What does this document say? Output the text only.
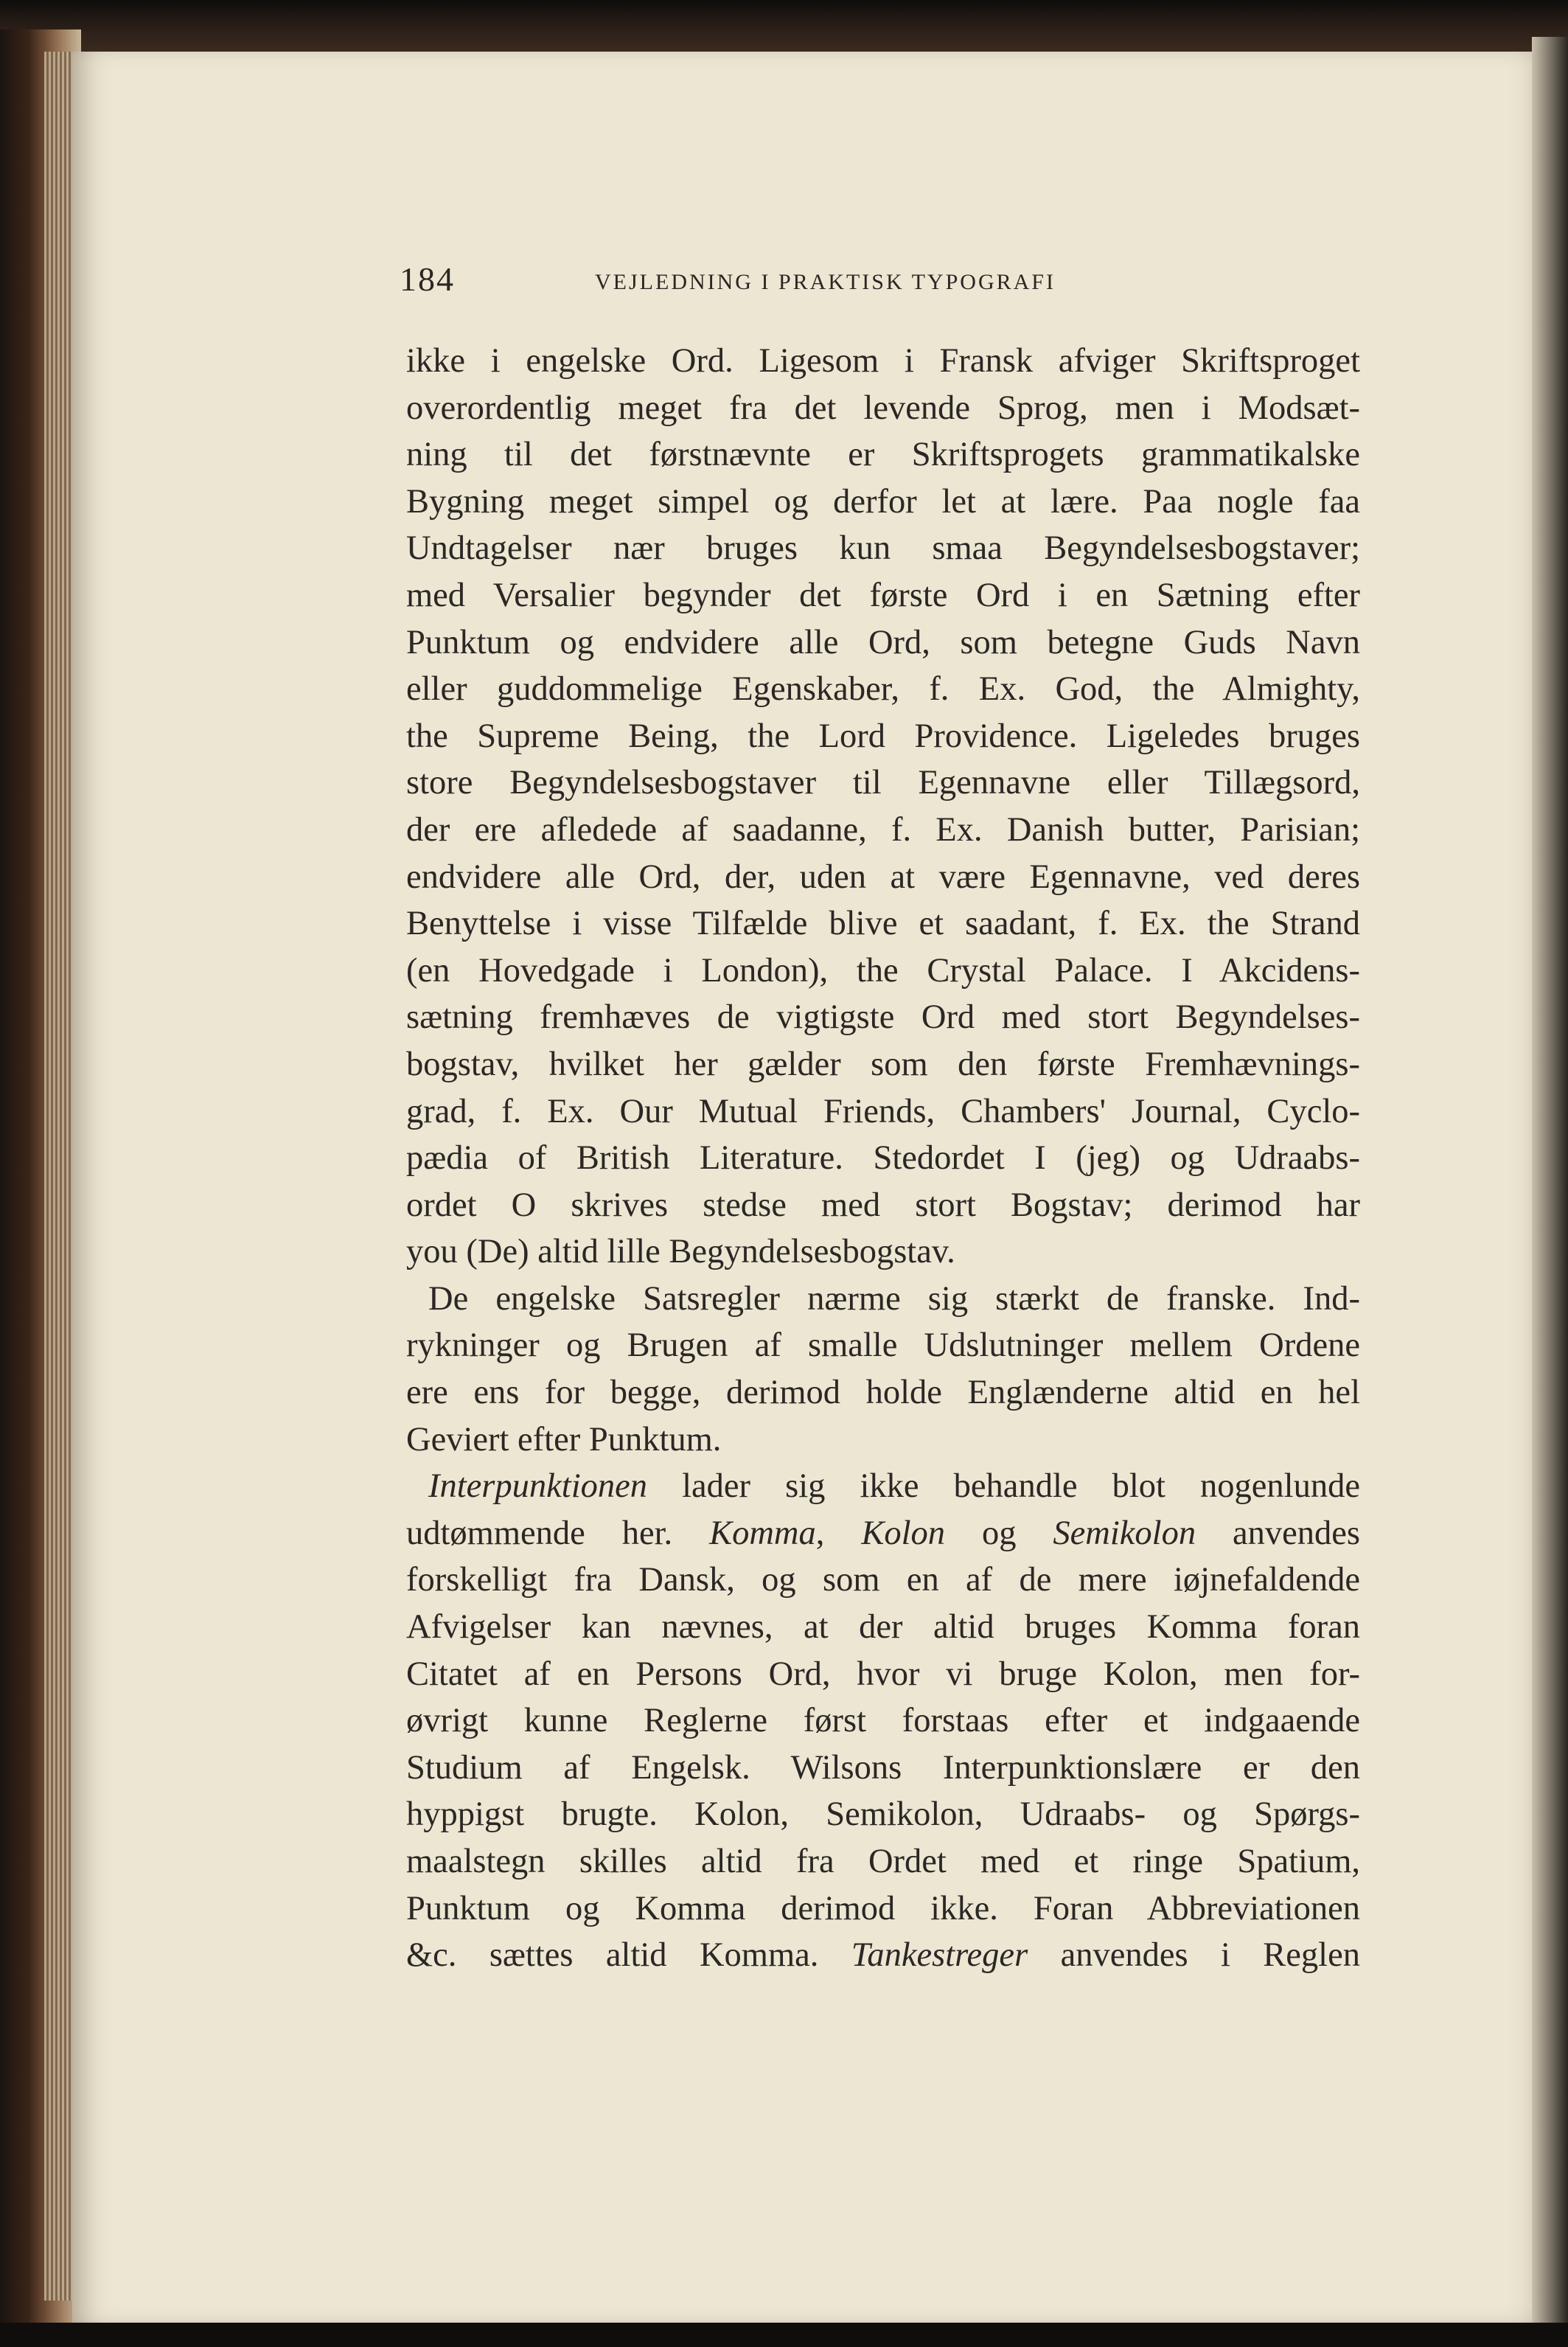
184	VEJLEDNING I PRAKTISK TYPOGRAFI
ikke i engelske Ord. Ligesom i Fransk afviger Skriftsproget
overordentlig meget fra det levende Sprog, men i Modsæt-
ning til det førstnævnte er Skriftsprogets grammatikalske
Bygning meget simpel og derfor let at lære. Paa nogle faa
Undtagelser nær bruges kun smaa Begyndelsesbogstaver;
med Versalier begynder det første Ord i en Sætning efter
Punktum og endvidere alle Ord, som betegne Guds Navn
eller guddommelige Egenskaber, f. Ex. God, the Almighty,
the Supreme Being, the Lord Providence. Ligeledes bruges
store Begyndelsesbogstaver til Egennavne eller Tillægsord,
der ere afledede af saadanne, f. Ex. Danish butter, Parisian;
endvidere alle Ord, der, uden at være Egennavne, ved deres
Benyttelse i visse Tilfælde blive et saadant, f. Ex. the Strand
(en Hovedgade i London), the Crystal Palace. I Akcidens-
sætning fremhæves de vigtigste Ord med stort Begyndelses-
bogstav, hvilket her gælder som den første Fremhævnings-
grad, f. Ex. Our Mutual Friends, Chambers' Journal, Cyclo-
pædia of British Literature. Stedordet I (jeg) og Udraabs-
ordet O skrives stedse med stort Bogstav; derimod har
you (De) altid lille Begyndelsesbogstav.
De engelske Satsregler nærme sig stærkt de franske. Ind-
rykninger og Brugen af smalle Udslutninger mellem Ordene
ere ens for begge, derimod holde Englænderne altid en hel
Geviert efter Punktum.
Interpunktionen lader sig ikke behandle blot nogenlunde
udtømmende her. Komma, Kolon og Semikolon anvendes
forskelligt fra Dansk, og som en af de mere iøjnefaldende
Afvigelser kan nævnes, at der altid bruges Komma foran
Citatet af en Persons Ord, hvor vi bruge Kolon, men for-
øvrigt kunne Reglerne først forstaas efter et indgaaende
Studium af Engelsk. Wilsons Interpunktionslære er den
hyppigst brugte. Kolon, Semikolon, Udraabs- og Spørgs-
maalstegn skilles altid fra Ordet med et ringe Spatium,
Punktum og Komma derimod ikke. Foran Abbreviationen
&c. sættes altid Komma. Tankestreger anvendes i Reglen
